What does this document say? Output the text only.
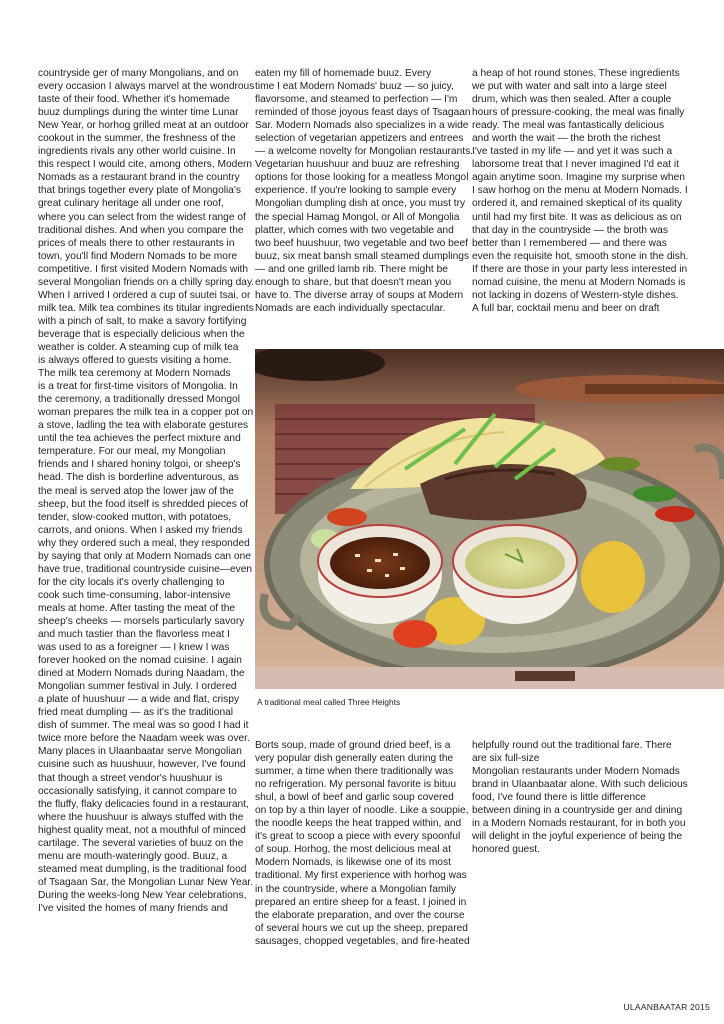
countryside ger of many Mongolians, and on
every occasion I always marvel at the wondrous
taste of their food. Whether it's homemade
buuz dumplings during the winter time Lunar
New Year, or horhog grilled meat at an outdoor
cookout in the summer, the freshness of the
ingredients rivals any other world cuisine. In
this respect I would cite, among others, Modern
Nomads as a restaurant brand in the country
that brings together every plate of Mongolia's
great culinary heritage all under one roof,
where you can select from the widest range of
traditional dishes. And when you compare the
prices of meals there to other restaurants in
town, you'll find Modern Nomads to be more
competitive. I first visited Modern Nomads with
several Mongolian friends on a chilly spring day.
When I arrived I ordered a cup of suutei tsai, or
milk tea. Milk tea combines its titular ingredients
with a pinch of salt, to make a savory fortifying
beverage that is especially delicious when the
weather is colder. A steaming cup of milk tea
is always offered to guests visiting a home.
The milk tea ceremony at Modern Nomads
is a treat for first-time visitors of Mongolia. In
the ceremony, a traditionally dressed Mongol
woman prepares the milk tea in a copper pot on
a stove, ladling the tea with elaborate gestures
until the tea achieves the perfect mixture and
temperature. For our meal, my Mongolian
friends and I shared honiny tolgoi, or sheep's
head. The dish is borderline adventurous, as
the meal is served atop the lower jaw of the
sheep, but the food itself is shredded pieces of
tender, slow-cooked mutton, with potatoes,
carrots, and onions. When I asked my friends
why they ordered such a meal, they responded
by saying that only at Modern Nomads can one
have true, traditional countryside cuisine—even
for the city locals it's overly challenging to
cook such time-consuming, labor-intensive
meals at home. After tasting the meat of the
sheep's cheeks — morsels particularly savory
and much tastier than the flavorless meat I
was used to as a foreigner — I knew I was
forever hooked on the nomad cuisine. I again
dined at Modern Nomads during Naadam, the
Mongolian summer festival in July. I ordered
a plate of huushuur — a wide and flat, crispy
fried meat dumpling — as it's the traditional
dish of summer. The meal was so good I had it
twice more before the Naadam week was over.
Many places in Ulaanbaatar serve Mongolian
cuisine such as huushuur, however, I've found
that though a street vendor's huushuur is
occasionally satisfying, it cannot compare to
the fluffy, flaky delicacies found in a restaurant,
where the huushuur is always stuffed with the
highest quality meat, not a mouthful of minced
cartilage. The several varieties of buuz on the
menu are mouth-wateringly good. Buuz, a
steamed meat dumpling, is the traditional food
of Tsagaan Sar, the Mongolian Lunar New Year.
During the weeks-long New Year celebrations,
I've visited the homes of many friends and
eaten my fill of homemade buuz. Every
time I eat Modern Nomads' buuz — so juicy,
flavorsome, and steamed to perfection — I'm
reminded of those joyous feast days of Tsagaan
Sar. Modern Nomads also specializes in a wide
selection of vegetarian appetizers and entrees
— a welcome novelty for Mongolian restaurants.
Vegetarian huushuur and buuz are refreshing
options for those looking for a meatless Mongol
experience. If you're looking to sample every
Mongolian dumpling dish at once, you must try
the special Hamag Mongol, or All of Mongolia
platter, which comes with two vegetable and
two beef huushuur, two vegetable and two beef
buuz, six meat bansh small steamed dumplings
— and one grilled lamb rib. There might be
enough to share, but that doesn't mean you
have to. The diverse array of soups at Modern
Nomads are each individually spectacular.
a heap of hot round stones. These ingredients
we put with water and salt into a large steel
drum, which was then sealed. After a couple
hours of pressure-cooking, the meal was finally
ready. The meal was fantastically delicious
and worth the wait — the broth the richest
I've tasted in my life — and yet it was such a
laborsome treat that I never imagined I'd eat it
again anytime soon. Imagine my surprise when
I saw horhog on the menu at Modern Nomads. I
ordered it, and remained skeptical of its quality
until had my first bite. It was as delicious as on
that day in the countryside — the broth was
better than I remembered — and there was
even the requisite hot, smooth stone in the dish.
If there are those in your party less interested in
nomad cuisine, the menu at Modern Nomads is
not lacking in dozens of Western-style dishes.
A full bar, cocktail menu and beer on draft
A traditional meal called Three Heights
Borts soup, made of ground dried beef, is a
very popular dish generally eaten during the
summer, a time when there traditionally was
no refrigeration. My personal favorite is bituu
shul, a bowl of beef and garlic soup covered
on top by a thin layer of noodle. Like a souppie,
the noodle keeps the heat trapped within, and
it's great to scoop a piece with every spoonful
of soup. Horhog, the most delicious meal at
Modern Nomads, is likewise one of its most
traditional. My first experience with horhog was
in the countryside, where a Mongolian family
prepared an entire sheep for a feast. I joined in
the elaborate preparation, and over the course
of several hours we cut up the sheep, prepared
sausages, chopped vegetables, and fire-heated
helpfully round out the traditional fare. There
are six full-size
Mongolian restaurants under Modern Nomads
brand in Ulaanbaatar alone. With such delicious
food, I've found there is little difference
between dining in a countryside ger and dining
in a Modern Nomads restaurant, for in both you
will delight in the joyful experience of being the
honored guest.
ULAANBAATAR 2015
